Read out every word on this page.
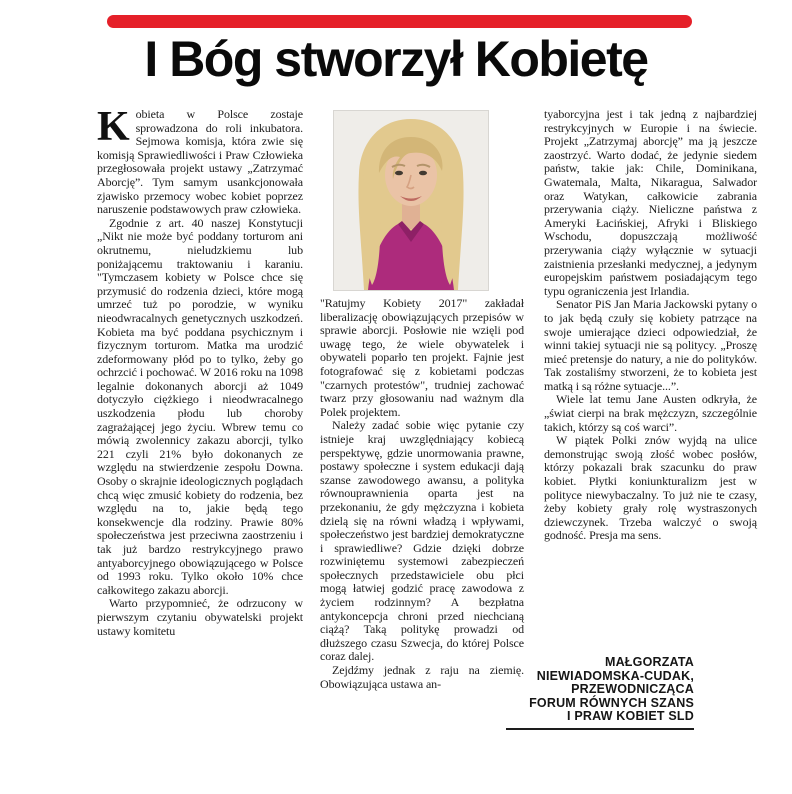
I Bóg stworzył Kobietę

Kobieta w Polsce zostaje sprowadzona do roli inkubatora. Sejmowa komisja, która zwie się komisją Sprawiedliwości i Praw Człowieka przegłosowała projekt ustawy „Zatrzymać Aborcję”. Tym samym usankcjonowała zjawisko przemocy wobec kobiet poprzez naruszenie podstawowych praw człowieka.

Zgodnie z art. 40 naszej Konstytucji „Nikt nie może być poddany torturom ani okrutnemu, nieludzkiemu lub poniżającemu traktowaniu i karaniu. "Tymczasem kobiety w Polsce chce się przymusić do rodzenia dzieci, które mogą umrzeć tuż po porodzie, w wyniku nieodwracalnych genetycznych uszkodzeń. Kobieta ma być poddana psychicznym i fizycznym torturom. Matka ma urodzić zdeformowany płód po to tylko, żeby go ochrzcić i pochować. W 2016 roku na 1098 legalnie dokonanych aborcji aż 1049 dotyczyło ciężkiego i nieodwracalnego uszkodzenia płodu lub choroby zagrażającej jego życiu. Wbrew temu co mówią zwolennicy zakazu aborcji, tylko 221 czyli 21% było dokonanych ze względu na stwierdzenie zespołu Downa. Osoby o skrajnie ideologicznych poglądach chcą więc zmusić kobiety do rodzenia, bez względu na to, jakie będą tego konsekwencje dla rodziny. Prawie 80% społeczeństwa jest przeciwna zaostrzeniu i tak już bardzo restrykcyjnego prawo antyaborcyjnego obowiązującego w Polsce od 1993 roku. Tylko około 10% chce całkowitego zakazu aborcji.

Warto przypomnieć, że odrzucony w pierwszym czytaniu obywatelski projekt ustawy komitetu

"Ratujmy Kobiety 2017" zakładał liberalizację obowiązujących przepisów w sprawie aborcji. Posłowie nie wzięli pod uwagę tego, że wiele obywatelek i obywateli poparło ten projekt. Fajnie jest fotografować się z kobietami podczas "czarnych protestów", trudniej zachować twarz przy głosowaniu nad ważnym dla Polek projektem.

Należy zadać sobie więc pytanie czy istnieje kraj uwzględniający kobiecą perspektywę, gdzie unormowania prawne, postawy społeczne i system edukacji dają szanse zawodowego awansu, a polityka równouprawnienia oparta jest na przekonaniu, że gdy mężczyzna i kobieta dzielą się na równi władzą i wpływami, społeczeństwo jest bardziej demokratyczne i sprawiedliwe? Gdzie dzięki dobrze rozwiniętemu systemowi zabezpieczeń społecznych przedstawiciele obu płci mogą łatwiej godzić pracę zawodowa z życiem rodzinnym? A bezpłatna antykoncepcja chroni przed niechcianą ciążą? Taką politykę prowadzi od dłuższego czasu Szwecja, do której Polsce coraz dalej.

Zejdźmy jednak z raju na ziemię. Obowiązująca ustawa an-

tyaborcyjna jest i tak jedną z najbardziej restrykcyjnych w Europie i na świecie. Projekt „Zatrzymaj aborcję” ma ją jeszcze zaostrzyć. Warto dodać, że jedynie siedem państw, takie jak: Chile, Dominikana, Gwatemala, Malta, Nikaragua, Salwador oraz Watykan, całkowicie zabrania przerywania ciąży. Nieliczne państwa z Ameryki Łacińskiej, Afryki i Bliskiego Wschodu, dopuszczają możliwość przerywania ciąży wyłącznie w sytuacji zaistnienia przesłanki medycznej, a jedynym europejskim państwem posiadającym tego typu ograniczenia jest Irlandia.

Senator PiS Jan Maria Jackowski pytany o to jak będą czuły się kobiety patrzące na swoje umierające dzieci odpowiedział, że winni takiej sytuacji nie są politycy. „Proszę mieć pretensje do natury, a nie do polityków. Tak zostaliśmy stworzeni, że to kobieta jest matką i są różne sytuacje...”.

Wiele lat temu Jane Austen odkryła, że „świat cierpi na brak mężczyzn, szczególnie takich, którzy są coś warci”.

W piątek Polki znów wyjdą na ulice demonstrując swoją złość wobec posłów, którzy pokazali brak szacunku do praw kobiet. Płytki koniunkturalizm jest w polityce niewybaczalny. To już nie te czasy, żeby kobiety grały rolę wystraszonych dziewczynek. Trzeba walczyć o swoją godność. Presja ma sens.

MAŁGORZATA
NIEWIADOMSKA-CUDAK,
PRZEWODNICZĄCA
FORUM RÓWNYCH SZANS
I PRAW KOBIET SLD
